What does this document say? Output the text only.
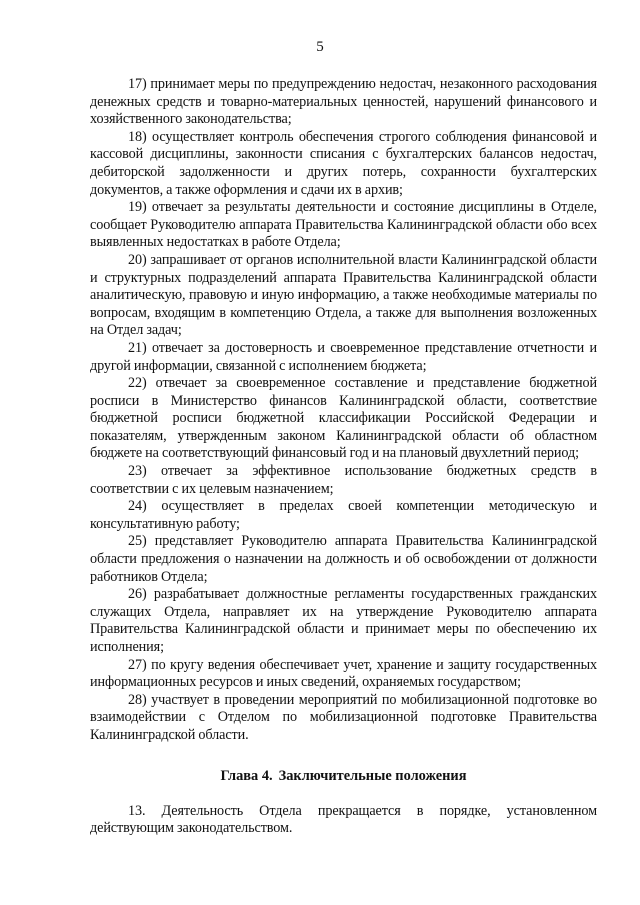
5

17) принимает меры по предупреждению недостач, незаконного расходования денежных средств и товарно-материальных ценностей, нарушений финансового и хозяйственного законодательства;

18) осуществляет контроль обеспечения строгого соблюдения финансовой и кассовой дисциплины, законности списания с бухгалтерских балансов недостач, дебиторской задолженности и других потерь, сохранности бухгалтерских документов, а также оформления и сдачи их в архив;

19) отвечает за результаты деятельности и состояние дисциплины в Отделе, сообщает Руководителю аппарата Правительства Калининградской области обо всех выявленных недостатках в работе Отдела;

20) запрашивает от органов исполнительной власти Калининградской области и структурных подразделений аппарата Правительства Калининградской области аналитическую, правовую и иную информацию, а также необходимые материалы по вопросам, входящим в компетенцию Отдела, а также для выполнения возложенных на Отдел задач;

21) отвечает за достоверность и своевременное представление отчетности и другой информации, связанной с исполнением бюджета;

22) отвечает за своевременное составление и представление бюджетной росписи в Министерство финансов Калининградской области, соответствие бюджетной росписи бюджетной классификации Российской Федерации и показателям, утвержденным законом Калининградской области об областном бюджете на соответствующий финансовый год и на плановый двухлетний период;

23) отвечает за эффективное использование бюджетных средств в соответствии с их целевым назначением;

24) осуществляет в пределах своей компетенции методическую и консультативную работу;

25) представляет Руководителю аппарата Правительства Калининградской области предложения о назначении на должность и об освобождении от должности работников Отдела;

26) разрабатывает должностные регламенты государственных гражданских служащих Отдела, направляет их на утверждение Руководителю аппарата Правительства Калининградской области и принимает меры по обеспечению их исполнения;

27) по кругу ведения обеспечивает учет, хранение и защиту государственных информационных ресурсов и иных сведений, охраняемых государством;

28) участвует в проведении мероприятий по мобилизационной подготовке во взаимодействии с Отделом по мобилизационной подготовке Правительства Калининградской области.

Глава 4. Заключительные положения

13. Деятельность Отдела прекращается в порядке, установленном действующим законодательством.
